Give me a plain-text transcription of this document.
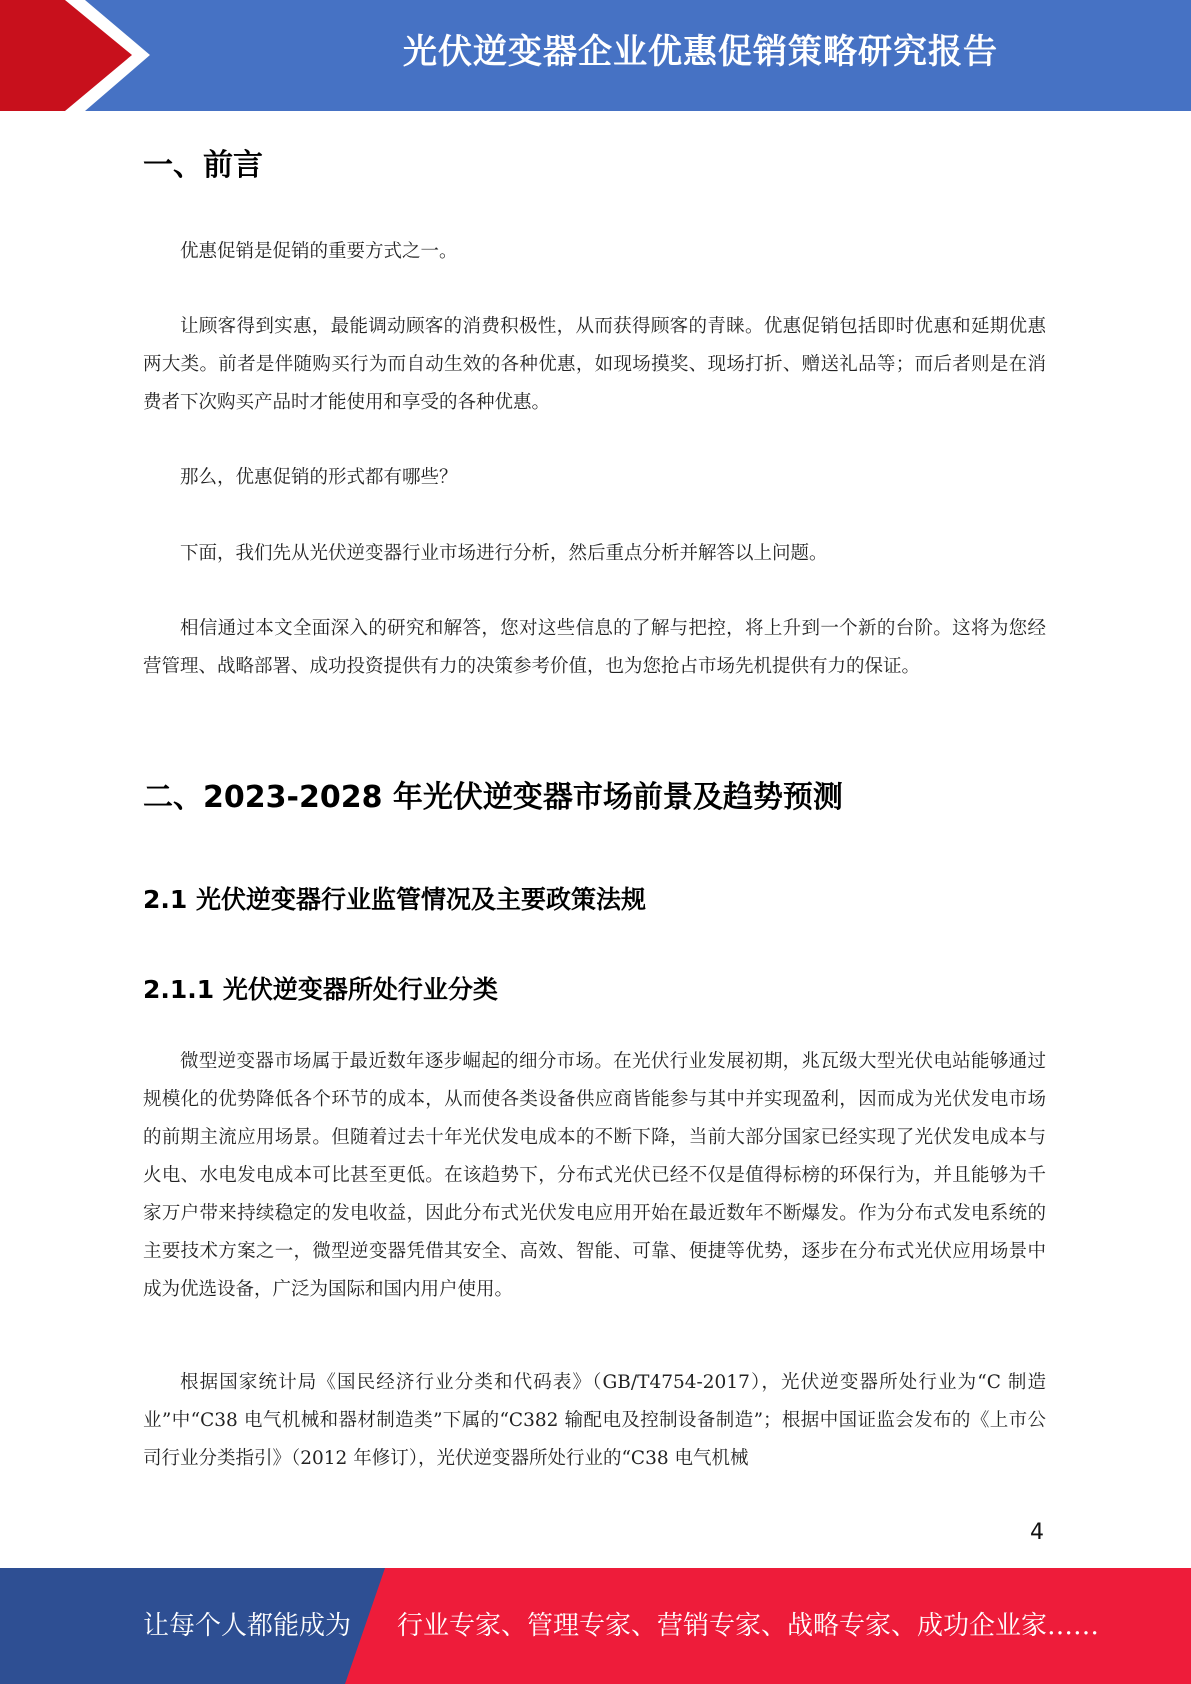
光伏逆变器企业优惠促销策略研究报告
一、前言

优惠促销是促销的重要方式之一。

让顾客得到实惠，最能调动顾客的消费积极性，从而获得顾客的青睐。优惠促销包括即时优惠和延期优惠两大类。前者是伴随购买行为而自动生效的各种优惠，如现场摸奖、现场打折、赠送礼品等；而后者则是在消费者下次购买产品时才能使用和享受的各种优惠。

那么，优惠促销的形式都有哪些？

下面，我们先从光伏逆变器行业市场进行分析，然后重点分析并解答以上问题。

相信通过本文全面深入的研究和解答，您对这些信息的了解与把控，将上升到一个新的台阶。这将为您经营管理、战略部署、成功投资提供有力的决策参考价值，也为您抢占市场先机提供有力的保证。

二、2023-2028 年光伏逆变器市场前景及趋势预测
2.1 光伏逆变器行业监管情况及主要政策法规
2.1.1 光伏逆变器所处行业分类

微型逆变器市场属于最近数年逐步崛起的细分市场。在光伏行业发展初期，兆瓦级大型光伏电站能够通过规模化的优势降低各个环节的成本，从而使各类设备供应商皆能参与其中并实现盈利，因而成为光伏发电市场的前期主流应用场景。但随着过去十年光伏发电成本的不断下降，当前大部分国家已经实现了光伏发电成本与火电、水电发电成本可比甚至更低。在该趋势下，分布式光伏已经不仅是值得标榜的环保行为，并且能够为千家万户带来持续稳定的发电收益，因此分布式光伏发电应用开始在最近数年不断爆发。作为分布式发电系统的主要技术方案之一，微型逆变器凭借其安全、高效、智能、可靠、便捷等优势，逐步在分布式光伏应用场景中成为优选设备，广泛为国际和国内用户使用。

根据国家统计局《国民经济行业分类和代码表》（GB/T4754-2017），光伏逆变器所处行业为“C 制造业”中“C38 电气机械和器材制造类”下属的“C382 输配电及控制设备制造”；根据中国证监会发布的《上市公司行业分类指引》（2012 年修订），光伏逆变器所处行业的“C38 电气机械

4
让每个人都能成为 行业专家、管理专家、营销专家、战略专家、成功企业家……
